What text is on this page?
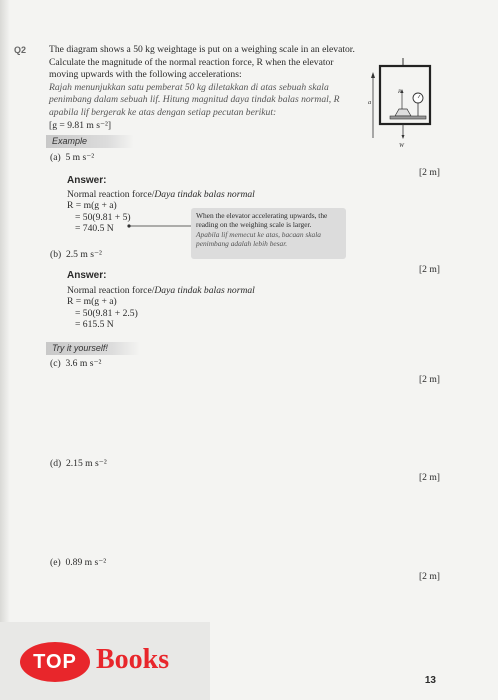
Q2 The diagram shows a 50 kg weightage is put on a weighing scale in an elevator. Calculate the magnitude of the normal reaction force, R when the elevator moving upwards with the following accelerations:
Rajah menunjukkan satu pemberat 50 kg diletakkan di atas sebuah skala penimbang dalam sebuah lif. Hitung magnitud daya tindak balas normal, R apabila lif bergerak ke atas dengan setiap pecutan berikut:
[g = 9.81 m s⁻²]
a
R
W
Example
(a) 5 m s⁻²
[2 m]
Answer:
Normal reaction force/Daya tindak balas normal
R = m(g + a)
= 50(9.81 + 5)
= 740.5 N
When the elevator accelerating upwards, the reading on the weighing scale is larger.
Apabila lif memecut ke atas, bacaan skala penimbang adalah lebih besar.
(b) 2.5 m s⁻²
[2 m]
Answer:
Normal reaction force/Daya tindak balas normal
R = m(g + a)
= 50(9.81 + 2.5)
= 615.5 N
Try it yourself!
(c) 3.6 m s⁻²
[2 m]
(d) 2.15 m s⁻²
[2 m]
(e) 0.89 m s⁻²
[2 m]
TOP Books
13
